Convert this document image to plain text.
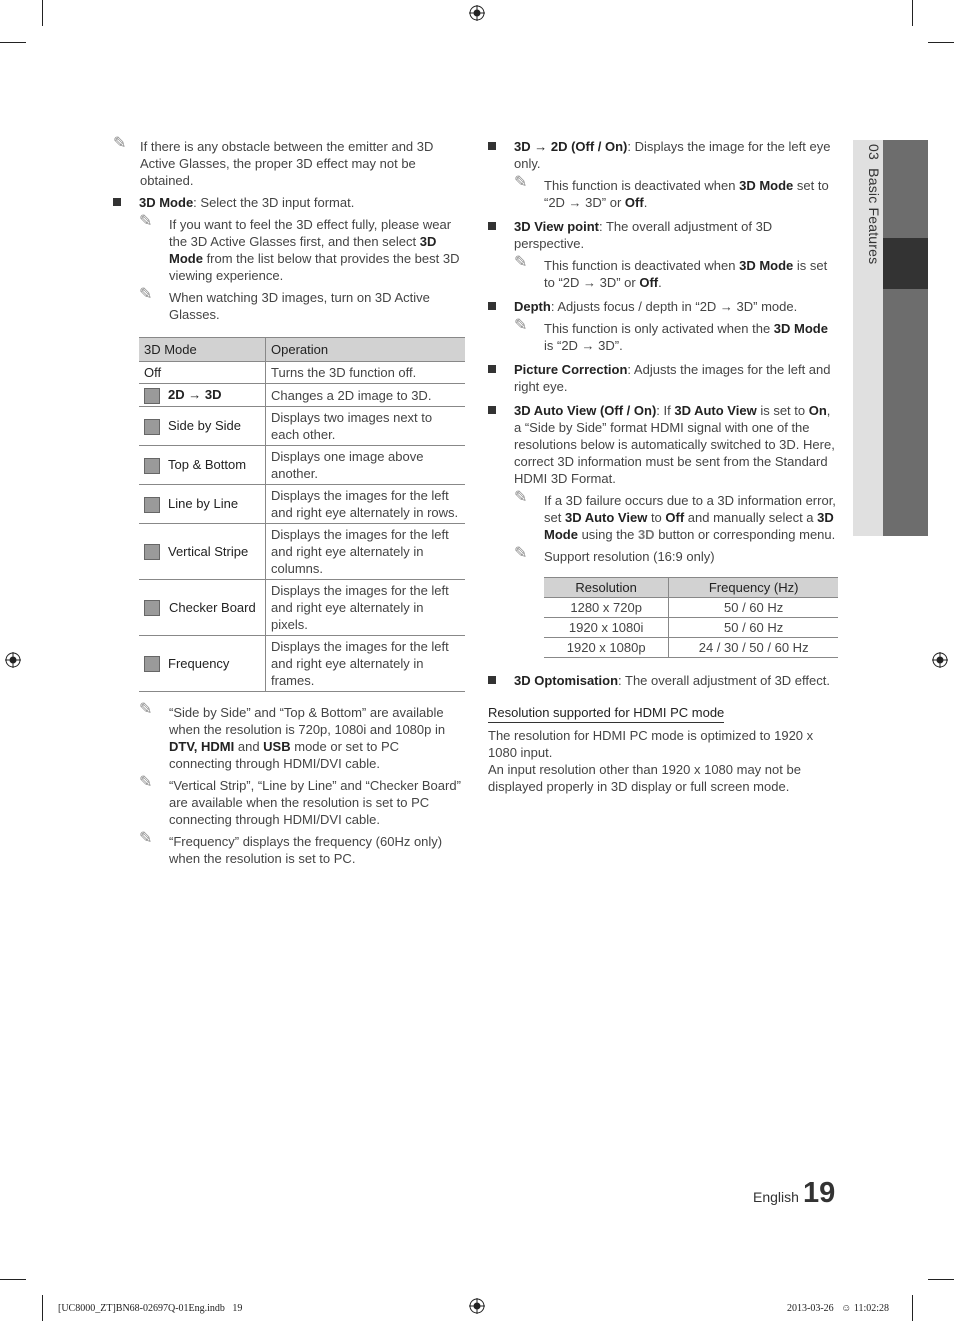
03  Basic Features
✎ If there is any obstacle between the emitter and 3D Active Glasses, the proper 3D effect may not be obtained.
3D Mode: Select the 3D input format.
✎ If you want to feel the 3D effect fully, please wear the 3D Active Glasses first, and then select 3D Mode from the list below that provides the best 3D viewing experience.
✎ When watching 3D images, turn on 3D Active Glasses.
3D Mode	Operation
Off	Turns the 3D function off.
2D → 3D	Changes a 2D image to 3D.
Side by Side	Displays two images next to each other.
Top & Bottom	Displays one image above another.
Line by Line	Displays the images for the left and right eye alternately in rows.
Vertical Stripe	Displays the images for the left and right eye alternately in columns.

Checker Board	Displays the images for the left and right eye alternately in pixels.
Frequency	Displays the images for the left and right eye alternately in frames.
✎ “Side by Side” and “Top & Bottom” are available when the resolution is 720p, 1080i and 1080p in DTV, HDMI and USB mode or set to PC connecting through HDMI/DVI cable.
✎ “Vertical Strip”, “Line by Line” and “Checker Board” are available when the resolution is set to PC connecting through HDMI/DVI cable.
✎ “Frequency” displays the frequency (60Hz only) when the resolution is set to PC.
3D → 2D (Off / On): Displays the image for the left eye only.
✎ This function is deactivated when 3D Mode set to “2D → 3D” or Off.
3D View point: The overall adjustment of 3D perspective.
✎ This function is deactivated when 3D Mode is set to “2D → 3D” or Off.
Depth: Adjusts focus / depth in “2D → 3D” mode.
✎ This function is only activated when the 3D Mode is “2D → 3D”.
Picture Correction: Adjusts the images for the left and right eye.
3D Auto View (Off / On): If 3D Auto View is set to On, a “Side by Side” format HDMI signal with one of the resolutions below is automatically switched to 3D. Here, correct 3D information must be sent from the Standard HDMI 3D Format.
✎ If a 3D failure occurs due to a 3D information error, set 3D Auto View to Off and manually select a 3D Mode using the 3D button or corresponding menu.
✎ Support resolution (16:9 only)
Resolution	Frequency (Hz)
1280 x 720p	50 / 60 Hz
1920 x 1080i	50 / 60 Hz
1920 x 1080p	24 / 30 / 50 / 60 Hz
3D Optomisation: The overall adjustment of 3D effect.
Resolution supported for HDMI PC mode
The resolution for HDMI PC mode is optimized to 1920 x 1080 input.
An input resolution other than 1920 x 1080 may not be displayed properly in 3D display or full screen mode.
English 19
[UC8000_ZT]BN68-02697Q-01Eng.indb   19	2013-03-26   ☺ 11:02:28
